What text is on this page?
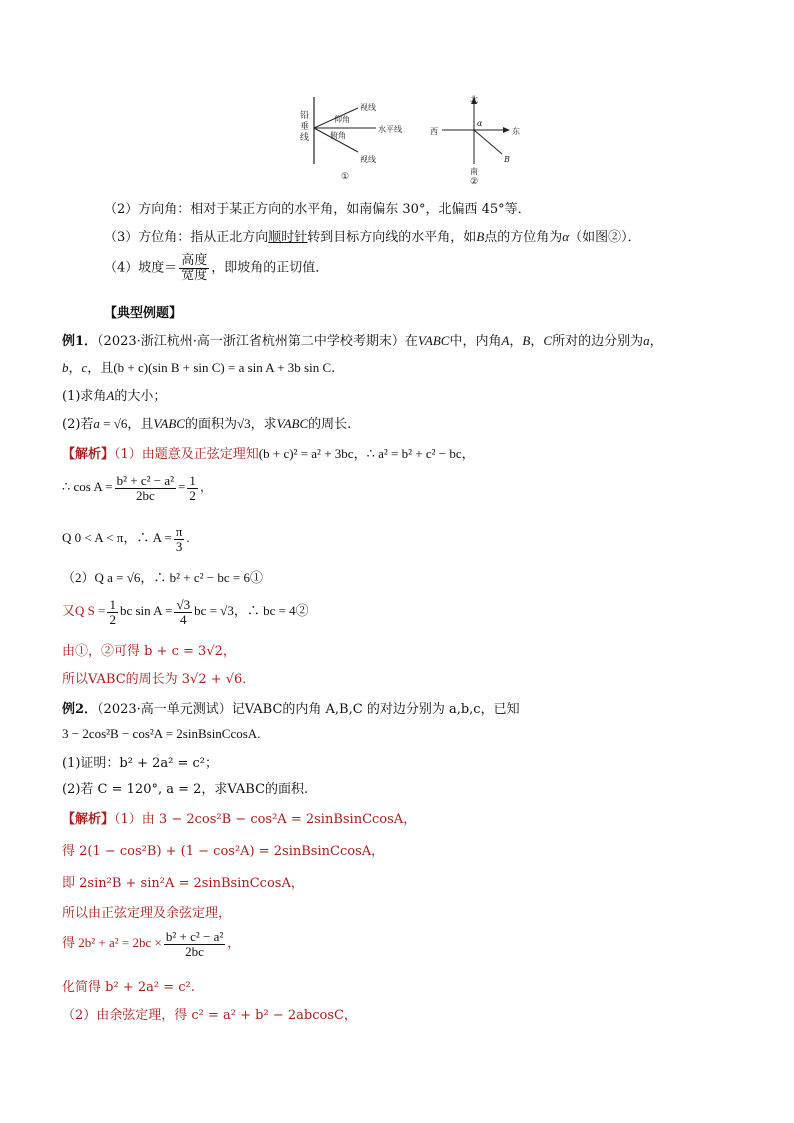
铅垂线
视线
仰角
水平线
俯角
视线
①
北
西	东
南
α
B
②
（2）方向角：相对于某正方向的水平角，如南偏东 30°，北偏西 45°等．
（3）方位角：指从正北方向顺时针转到目标方向线的水平角，如B点的方位角为α（如图②）．
（4）坡度＝ $\frac{\text{高度}}{\text{宽度}}$ ，即坡角的正切值．
【典型例题】
例1．（2023·浙江杭州·高一浙江省杭州第二中学校考期末）在VABC中，内角A，B，C所对的边分别为a，
b，c，且(b + c)(sin B + sin C) = a sin A + 3b sin C.
(1)求角A的大小；
(2)若a = √6，且VABC的面积为√3，求VABC的周长.
【解析】（1）由题意及正弦定理知(b + c)² = a² + 3bc，∴ a² = b² + c² − bc，
∴ $\cos A = \frac{\text{b² + c² − a²}}{2bc} = \frac{1}{2}$ ，
Q 0 < A < π，∴ $A = \frac{\pi}{3}$ .
（2）Q a = √6，∴ b² + c² − bc = 6①
又Q $S = \frac{1}{2}$ bc $\sin A = \frac{√3}{4}$ bc = √3，∴ bc = 4②
由①，②可得 b + c = 3√2，
所以VABC的周长为 3√2 + √6．
例2．（2023·高一单元测试）记VABC的内角 A,B,C 的对边分别为 a,b,c，已知
3 − 2cos²B − cos²A = 2sinBsinCcosA.
(1)证明：b² + 2a² = c²；
(2)若 C = 120°, a = 2，求VABC的面积.
【解析】（1）由 3 − 2cos²B − cos²A = 2sinBsinCcosA，
得 2(1 − cos²B) + (1 − cos²A) = 2sinBsinCcosA，
即 2sin²B + sin²A = 2sinBsinCcosA，
所以由正弦定理及余弦定理，
得 $2b^2 + a^2 = 2bc \times \frac{\text{b² + c² − a²}}{2bc}$ ，
化简得 b² + 2a² = c².
（2）由余弦定理，得 c² = a² + b² − 2abcosC，
